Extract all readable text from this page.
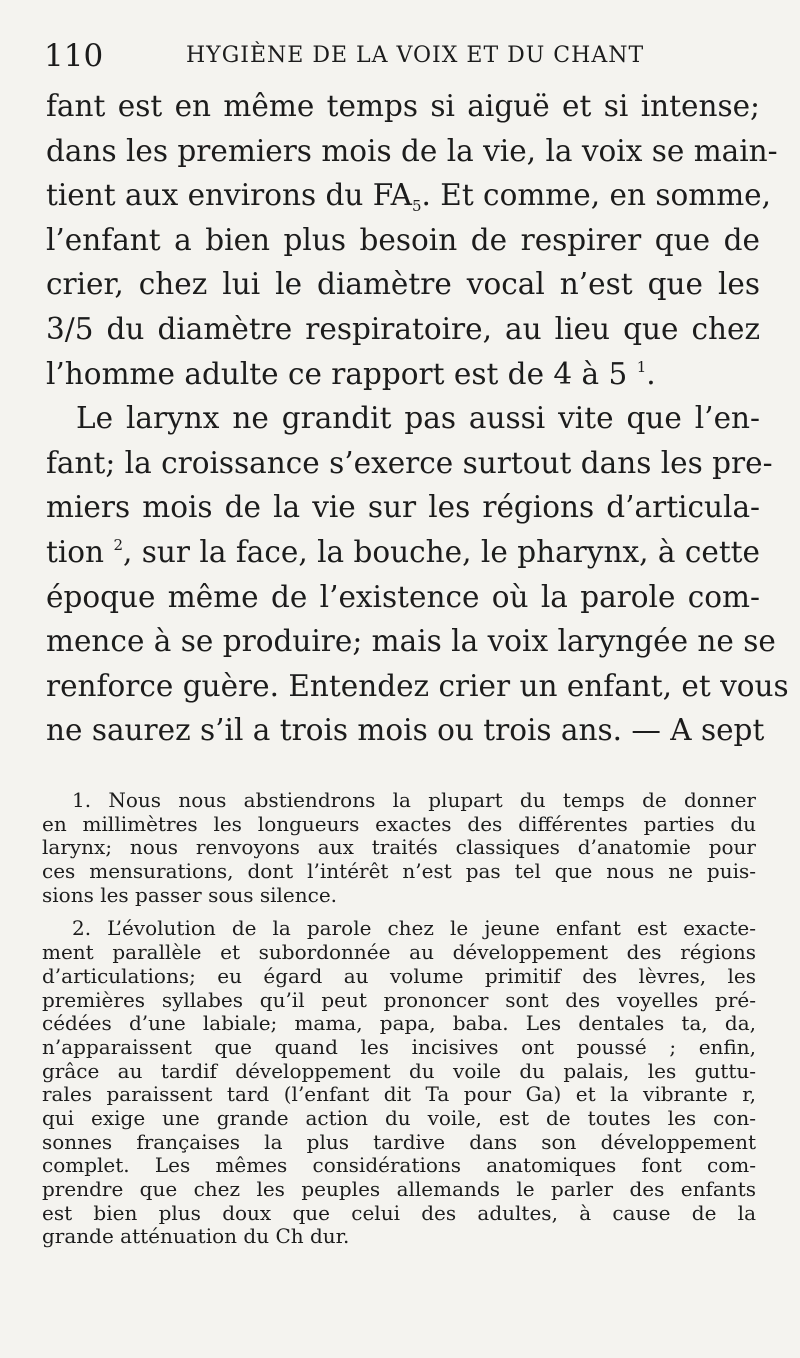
110	HYGIÈNE DE LA VOIX ET DU CHANT
fant est en même temps si aiguë et si intense;
dans les premiers mois de la vie, la voix se main-
tient aux environs du $FA_5$. Et comme, en somme,
l’enfant a bien plus besoin de respirer que de
crier, chez lui le diamètre vocal n’est que les
3/5 du diamètre respiratoire, au lieu que chez
l’homme adulte ce rapport est de 4 à 5 $^1$.
Le larynx ne grandit pas aussi vite que l’en-
fant; la croissance s’exerce surtout dans les pre-
miers mois de la vie sur les régions d’articula-
tion $^2$, sur la face, la bouche, le pharynx, à cette
époque même de l’existence où la parole com-
mence à se produire; mais la voix laryngée ne se
renforce guère. Entendez crier un enfant, et vous
ne saurez s’il a trois mois ou trois ans. — A sept
1. Nous nous abstiendrons la plupart du temps de donner
en millimètres les longueurs exactes des différentes parties du
larynx; nous renvoyons aux traités classiques d’anatomie pour
ces mensurations, dont l’intérêt n’est pas tel que nous ne puis-
sions les passer sous silence.
2. L’évolution de la parole chez le jeune enfant est exacte-
ment parallèle et subordonnée au développement des régions
d’articulations; eu égard au volume primitif des lèvres, les
premières syllabes qu’il peut prononcer sont des voyelles pré-
cédées d’une labiale; mama, papa, baba. Les dentales ta, da,
n’apparaissent que quand les incisives ont poussé ; enfin,
grâce au tardif développement du voile du palais, les guttu-
rales paraissent tard (l’enfant dit Ta pour Ga) et la vibrante r,
qui exige une grande action du voile, est de toutes les con-
sonnes françaises la plus tardive dans son développement
complet. Les mêmes considérations anatomiques font com-
prendre que chez les peuples allemands le parler des enfants
est bien plus doux que celui des adultes, à cause de la
grande atténuation du Ch dur.
